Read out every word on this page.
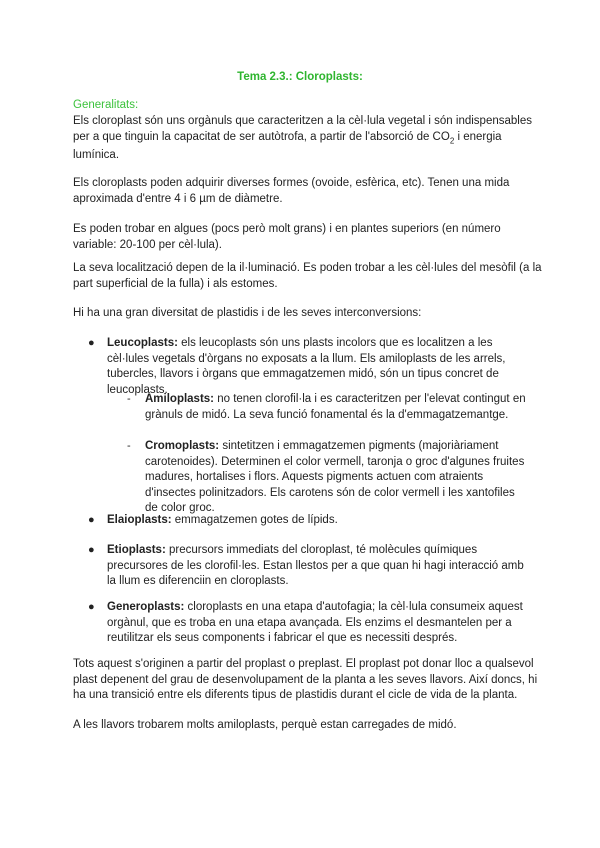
Tema 2.3.: Cloroplasts:
Generalitats:

Els cloroplast són uns orgànuls que caracteritzen a la cèl·lula vegetal i són indispensables per a que tinguin la capacitat de ser autòtrofa, a partir de l'absorció de $CO_2$ i energia lumínica.

Els cloroplasts poden adquirir diverses formes (ovoide, esfèrica, etc). Tenen una mida aproximada d'entre 4 i 6 µm de diàmetre.

Es poden trobar en algues (pocs però molt grans) i en plantes superiors (en número variable: 20-100 per cèl·lula).

La seva localització depen de la il·luminació. Es poden trobar a les cèl·lules del mesòfil (a la part superficial de la fulla) i als estomes.

Hi ha una gran diversitat de plastidis i de les seves interconversions:

● Leucoplasts: els leucoplasts són uns plasts incolors que es localitzen a les cèl·lules vegetals d'òrgans no exposats a la llum. Els amiloplasts de les arrels, tubercles, llavors i òrgans que emmagatzemen midó, són un tipus concret de leucoplasts.

- Amiloplasts: no tenen clorofil·la i es caracteritzen per l'elevat contingut en grànuls de midó. La seva funció fonamental és la d'emmagatzemantge.

- Cromoplasts: sintetitzen i emmagatzemen pigments (majoriàriament carotenoides). Determinen el color vermell, taronja o groc d'algunes fruites madures, hortalises i flors. Aquests pigments actuen com atraients d'insectes polinitzadors. Els carotens són de color vermell i les xantofiles de color groc.

● Elaioplasts: emmagatzemen gotes de lípids.

● Etioplasts: precursors immediats del cloroplast, té molècules químiques precursores de les clorofil·les. Estan llestos per a que quan hi hagi interacció amb la llum es diferenciin en cloroplasts.

● Generoplasts: cloroplasts en una etapa d'autofagia; la cèl·lula consumeix aquest orgànul, que es troba en una etapa avançada. Els enzims el desmantelen per a reutilitzar els seus components i fabricar el que es necessiti després.

Tots aquest s'originen a partir del proplast o preplast. El proplast pot donar lloc a qualsevol plast depenent del grau de desenvolupament de la planta a les seves llavors. Així doncs, hi ha una transició entre els diferents tipus de plastidis durant el cicle de vida de la planta.

A les llavors trobarem molts amiloplasts, perquè estan carregades de midó.
